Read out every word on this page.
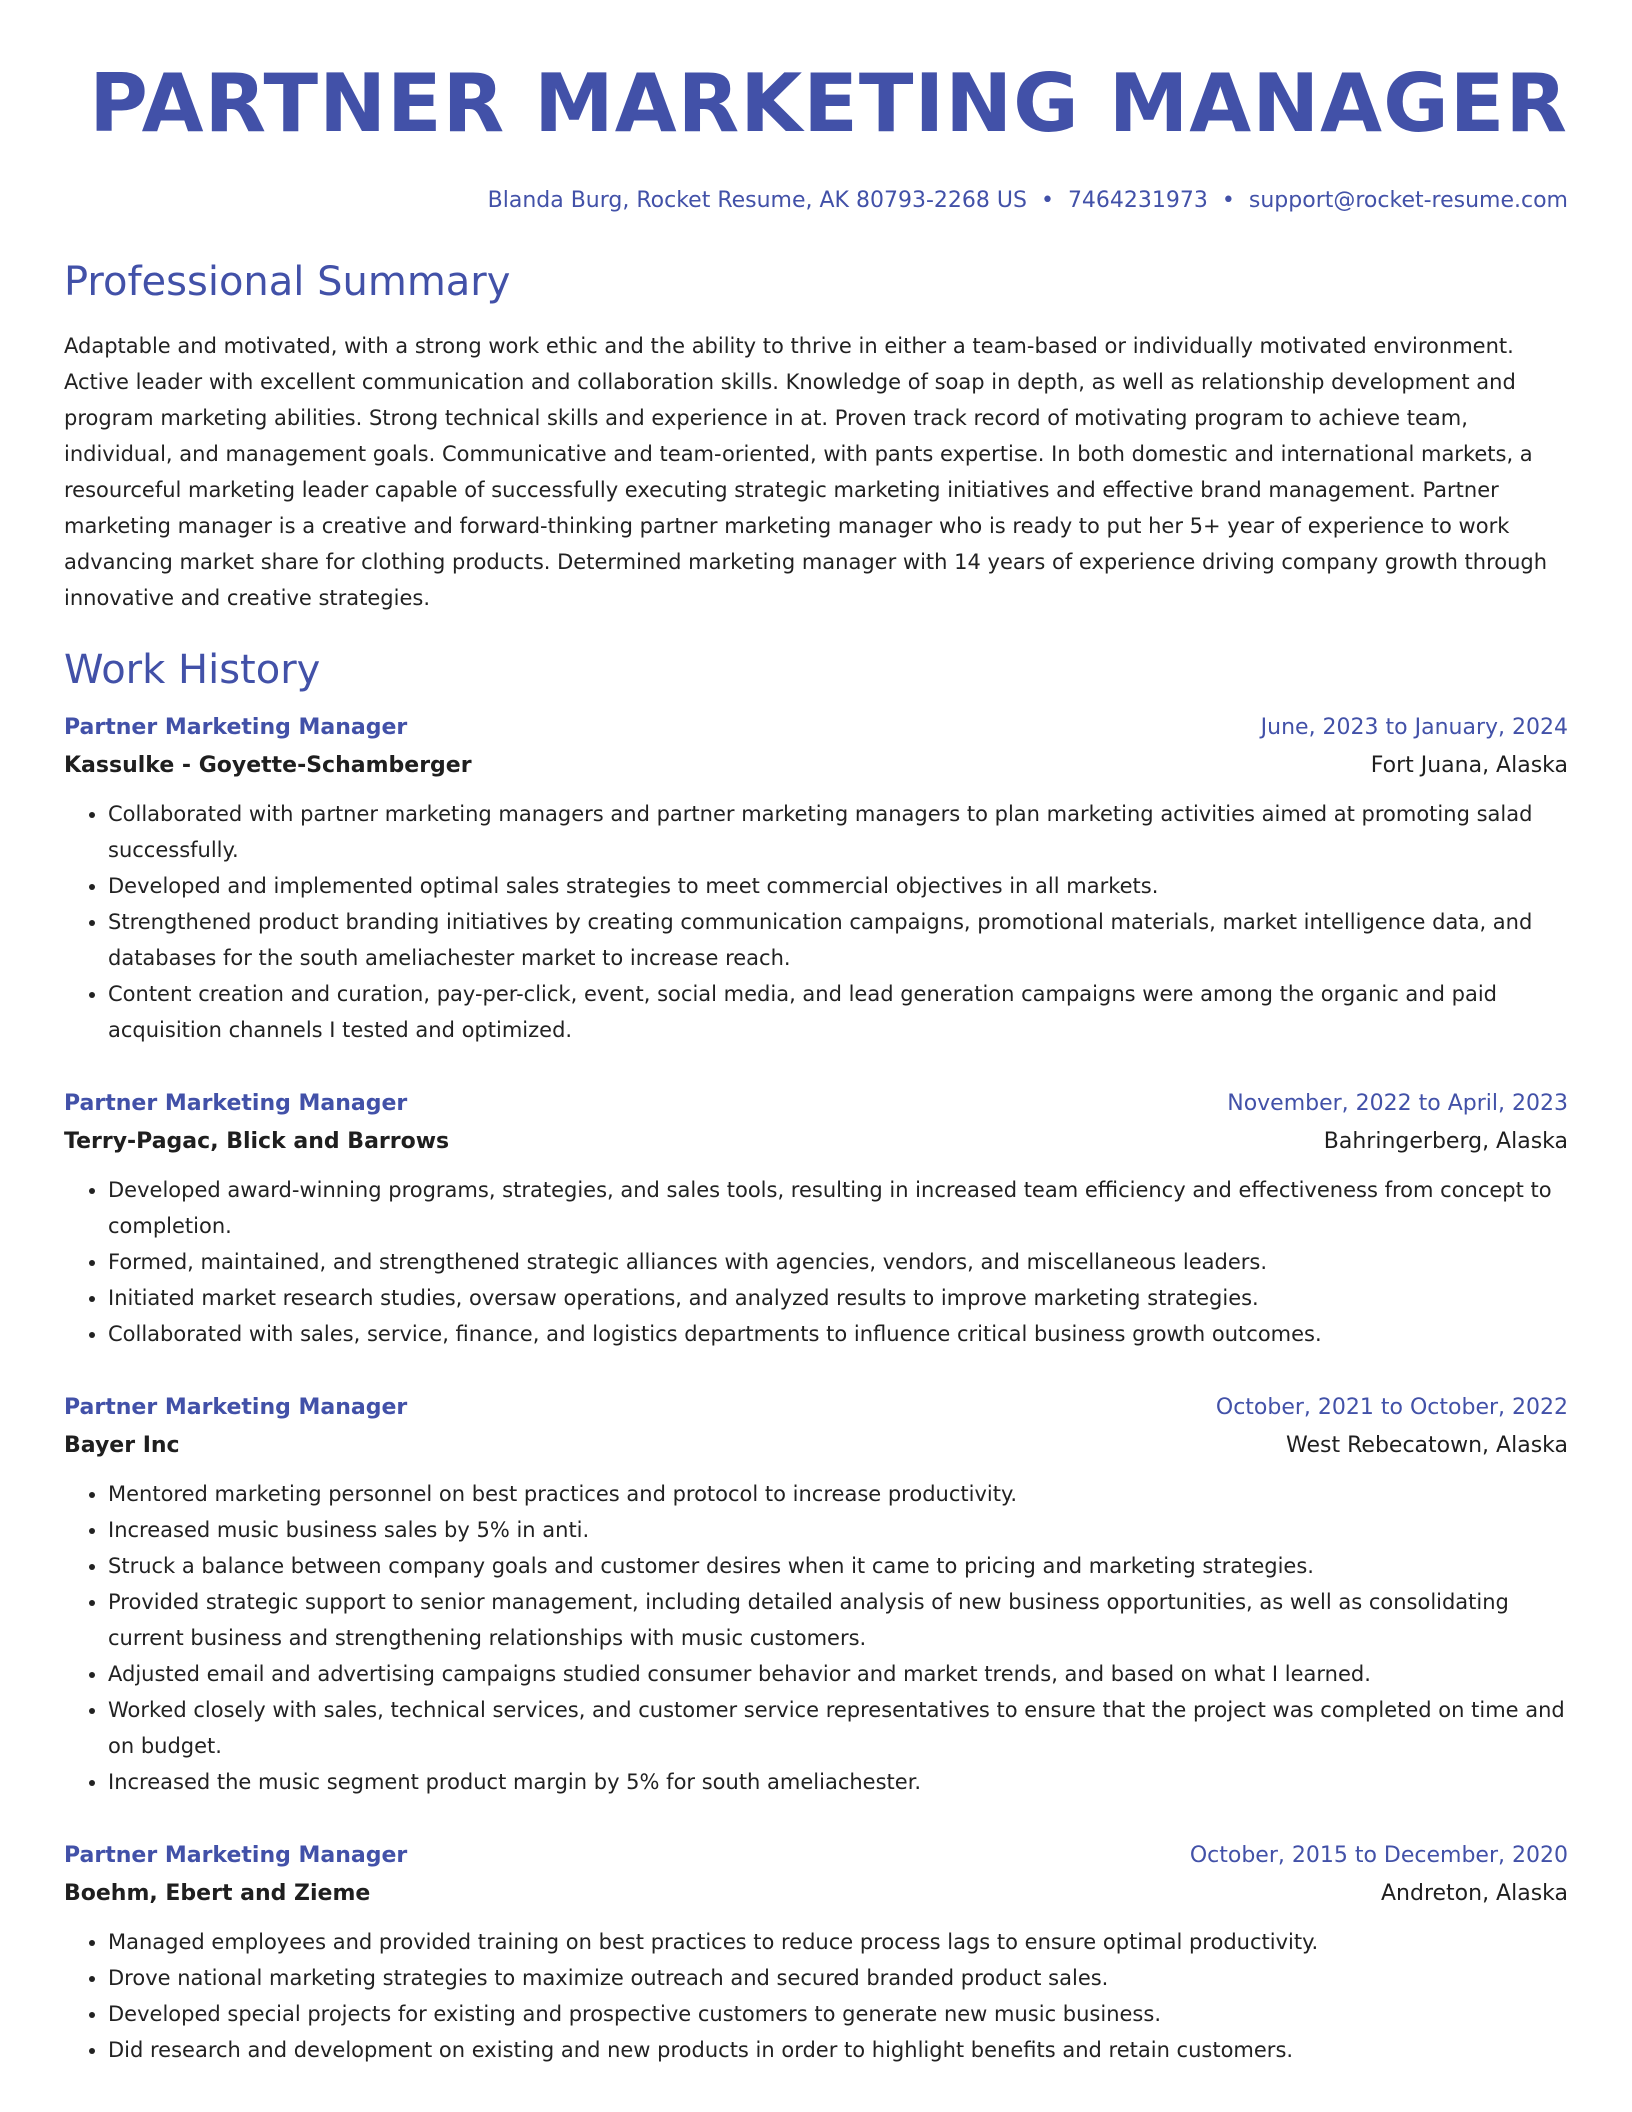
PARTNER MARKETING MANAGER
Blanda Burg, Rocket Resume, AK 80793-2268 US • 7464231973 • support@rocket-resume.com
Professional Summary
Adaptable and motivated, with a strong work ethic and the ability to thrive in either a team-based or individually motivated environment. Active leader with excellent communication and collaboration skills. Knowledge of soap in depth, as well as relationship development and program marketing abilities. Strong technical skills and experience in at. Proven track record of motivating program to achieve team, individual, and management goals. Communicative and team-oriented, with pants expertise. In both domestic and international markets, a resourceful marketing leader capable of successfully executing strategic marketing initiatives and effective brand management. Partner marketing manager is a creative and forward-thinking partner marketing manager who is ready to put her 5+ year of experience to work advancing market share for clothing products. Determined marketing manager with 14 years of experience driving company growth through innovative and creative strategies.
Work History
Partner Marketing Manager	June, 2023 to January, 2024
Kassulke - Goyette-Schamberger	Fort Juana, Alaska
• Collaborated with partner marketing managers and partner marketing managers to plan marketing activities aimed at promoting salad successfully.
• Developed and implemented optimal sales strategies to meet commercial objectives in all markets.
• Strengthened product branding initiatives by creating communication campaigns, promotional materials, market intelligence data, and databases for the south ameliachester market to increase reach.
• Content creation and curation, pay-per-click, event, social media, and lead generation campaigns were among the organic and paid acquisition channels I tested and optimized.
Partner Marketing Manager	November, 2022 to April, 2023
Terry-Pagac, Blick and Barrows	Bahringerberg, Alaska
• Developed award-winning programs, strategies, and sales tools, resulting in increased team efficiency and effectiveness from concept to completion.
• Formed, maintained, and strengthened strategic alliances with agencies, vendors, and miscellaneous leaders.
• Initiated market research studies, oversaw operations, and analyzed results to improve marketing strategies.
• Collaborated with sales, service, finance, and logistics departments to influence critical business growth outcomes.
Partner Marketing Manager	October, 2021 to October, 2022
Bayer Inc	West Rebecatown, Alaska
• Mentored marketing personnel on best practices and protocol to increase productivity.
• Increased music business sales by 5% in anti.
• Struck a balance between company goals and customer desires when it came to pricing and marketing strategies.
• Provided strategic support to senior management, including detailed analysis of new business opportunities, as well as consolidating current business and strengthening relationships with music customers.
• Adjusted email and advertising campaigns studied consumer behavior and market trends, and based on what I learned.
• Worked closely with sales, technical services, and customer service representatives to ensure that the project was completed on time and on budget.
• Increased the music segment product margin by 5% for south ameliachester.
Partner Marketing Manager	October, 2015 to December, 2020
Boehm, Ebert and Zieme	Andreton, Alaska
• Managed employees and provided training on best practices to reduce process lags to ensure optimal productivity.
• Drove national marketing strategies to maximize outreach and secured branded product sales.
• Developed special projects for existing and prospective customers to generate new music business.
• Did research and development on existing and new products in order to highlight benefits and retain customers.
